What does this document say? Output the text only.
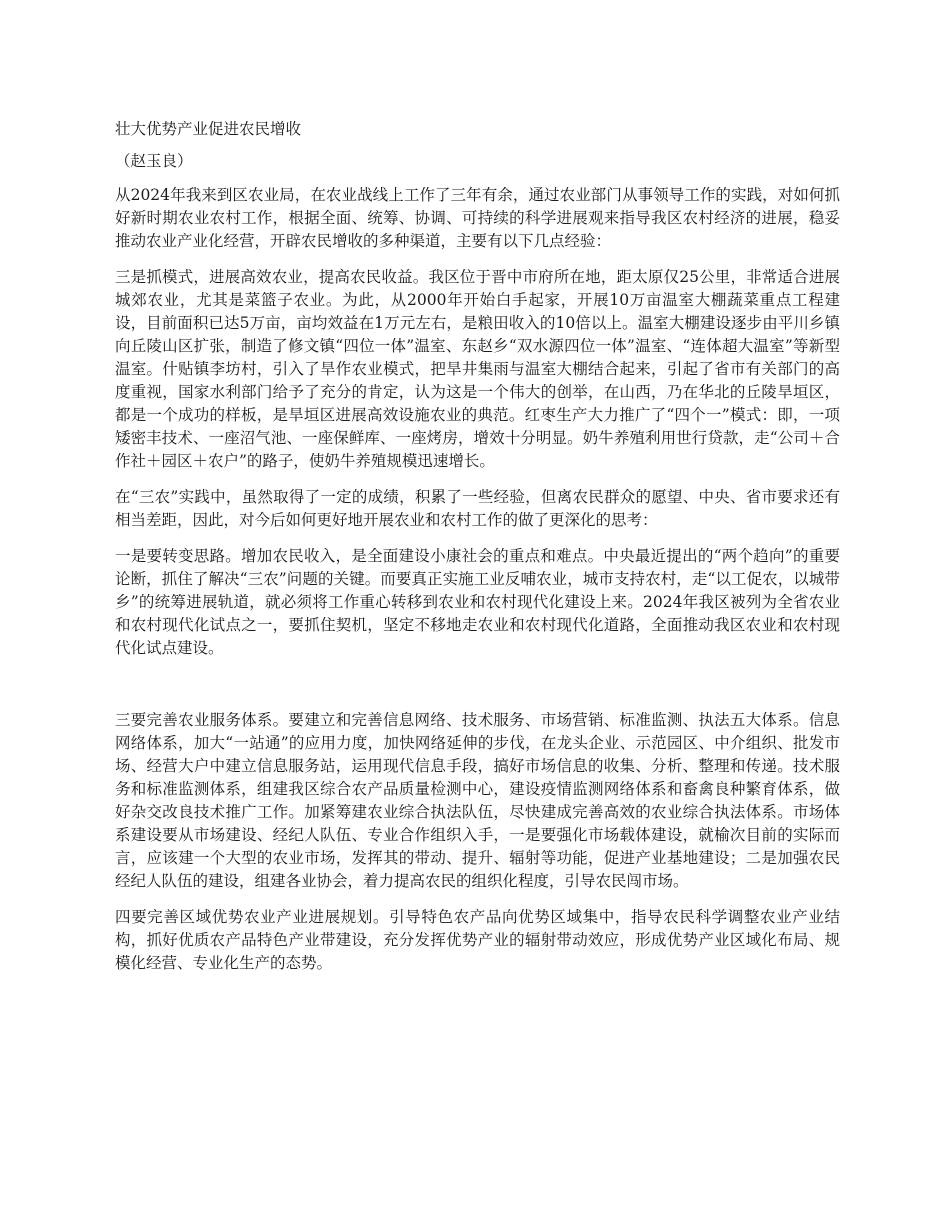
壮大优势产业促进农民增收

（赵玉良）

从2024年我来到区农业局，在农业战线上工作了三年有余，通过农业部门从事领导工作的实践，对如何抓好新时期农业农村工作，根据全面、统筹、协调、可持续的科学进展观来指导我区农村经济的进展，稳妥推动农业产业化经营，开辟农民增收的多种渠道，主要有以下几点经验：

三是抓模式，进展高效农业，提高农民收益。我区位于晋中市府所在地，距太原仅25公里，非常适合进展城郊农业，尤其是菜篮子农业。为此，从2000年开始白手起家，开展10万亩温室大棚蔬菜重点工程建设，目前面积已达5万亩，亩均效益在1万元左右，是粮田收入的10倍以上。温室大棚建设逐步由平川乡镇向丘陵山区扩张，制造了修文镇“四位一体”温室、东赵乡“双水源四位一体”温室、“连体超大温室”等新型温室。什贴镇李坊村，引入了旱作农业模式，把旱井集雨与温室大棚结合起来，引起了省市有关部门的高度重视，国家水利部门给予了充分的肯定，认为这是一个伟大的创举，在山西，乃在华北的丘陵旱垣区，都是一个成功的样板，是旱垣区进展高效设施农业的典范。红枣生产大力推广了“四个一”模式：即，一项矮密丰技术、一座沼气池、一座保鲜库、一座烤房，增效十分明显。奶牛养殖利用世行贷款，走“公司＋合作社＋园区＋农户”的路子，使奶牛养殖规模迅速增长。

在“三农”实践中，虽然取得了一定的成绩，积累了一些经验，但离农民群众的愿望、中央、省市要求还有相当差距，因此，对今后如何更好地开展农业和农村工作的做了更深化的思考：

一是要转变思路。增加农民收入，是全面建设小康社会的重点和难点。中央最近提出的“两个趋向”的重要论断，抓住了解决“三农”问题的关键。而要真正实施工业反哺农业，城市支持农村，走“以工促农，以城带乡”的统筹进展轨道，就必须将工作重心转移到农业和农村现代化建设上来。2024年我区被列为全省农业和农村现代化试点之一，要抓住契机，坚定不移地走农业和农村现代化道路，全面推动我区农业和农村现代化试点建设。

三要完善农业服务体系。要建立和完善信息网络、技术服务、市场营销、标准监测、执法五大体系。信息网络体系，加大“一站通”的应用力度，加快网络延伸的步伐，在龙头企业、示范园区、中介组织、批发市场、经营大户中建立信息服务站，运用现代信息手段，搞好市场信息的收集、分析、整理和传递。技术服务和标准监测体系，组建我区综合农产品质量检测中心，建设疫情监测网络体系和畜禽良种繁育体系，做好杂交改良技术推广工作。加紧筹建农业综合执法队伍，尽快建成完善高效的农业综合执法体系。市场体系建设要从市场建设、经纪人队伍、专业合作组织入手，一是要强化市场载体建设，就榆次目前的实际而言，应该建一个大型的农业市场，发挥其的带动、提升、辐射等功能，促进产业基地建设；二是加强农民经纪人队伍的建设，组建各业协会，着力提高农民的组织化程度，引导农民闯市场。

四要完善区域优势农业产业进展规划。引导特色农产品向优势区域集中，指导农民科学调整农业产业结构，抓好优质农产品特色产业带建设，充分发挥优势产业的辐射带动效应，形成优势产业区域化布局、规模化经营、专业化生产的态势。
